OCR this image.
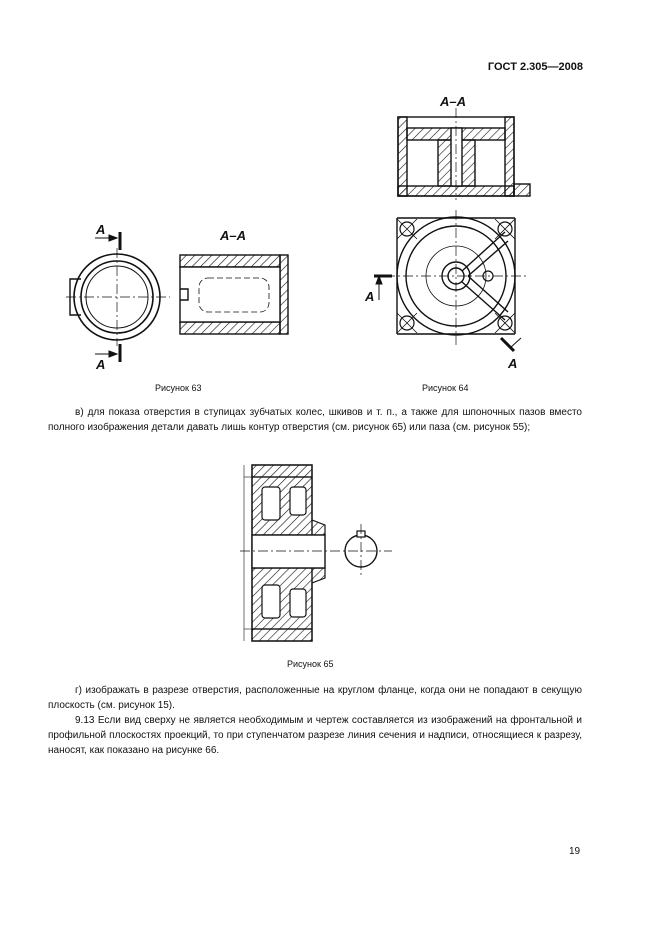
ГОСТ 2.305—2008
А
А
А–А
А–А
А
А
Рисунок 63	Рисунок 64
в) для показа отверстия в ступицах зубчатых колес, шкивов и т. п., а также для шпоночных пазов вместо полного изображения детали давать лишь контур отверстия (см. рисунок 65) или паза (см. рисунок 55);
Рисунок 65
г) изображать в разрезе отверстия, расположенные на круглом фланце, когда они не попадают в секущую плоскость (см. рисунок 15).
9.13 Если вид сверху не является необходимым и чертеж составляется из изображений на фронтальной и профильной плоскостях проекций, то при ступенчатом разрезе линия сечения и надписи, относящиеся к разрезу, наносят, как показано на рисунке 66.
19
